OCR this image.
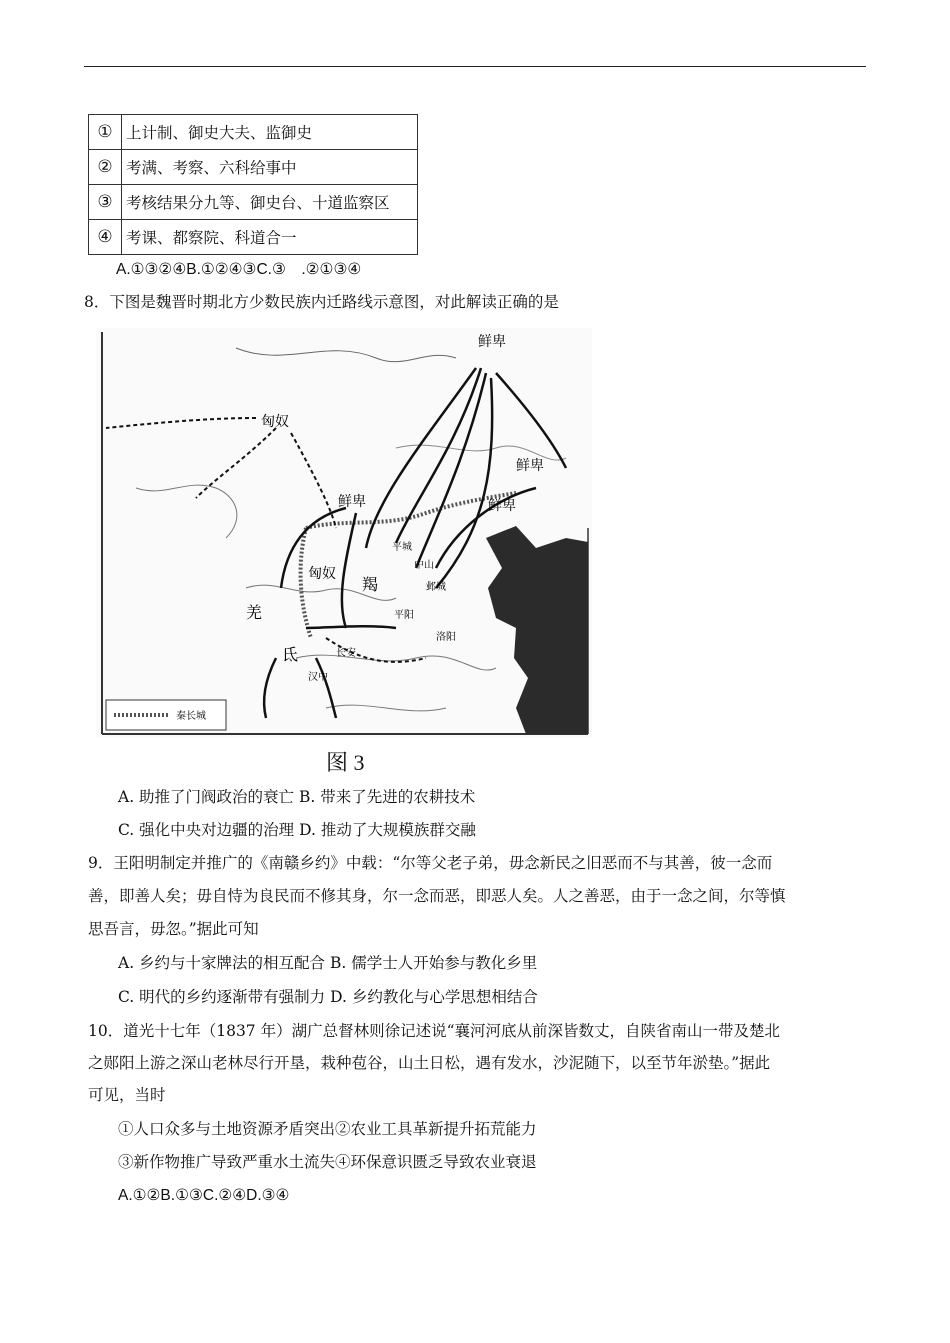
①	上计制、御史大夫、监御史
②	考满、考察、六科给事中
③	考核结果分九等、御史台、十道监察区
④	考课、都察院、科道合一
A.①③②④B.①②④③C.③　.②①③④
8．下图是魏晋时期北方少数民族内迁路线示意图，对此解读正确的是
鲜卑
匈奴
鲜卑
鲜卑
鲜卑
匈奴
羯
羌
氐	长安
洛阳
汉中
平阳
中山
邺城
平城
秦长城
图 3
A. 助推了门阀政治的衰亡 B. 带来了先进的农耕技术
C. 强化中央对边疆的治理 D. 推动了大规模族群交融
9．王阳明制定并推广的《南赣乡约》中载：“尔等父老子弟，毋念新民之旧恶而不与其善，彼一念而
善，即善人矣；毋自恃为良民而不修其身，尔一念而恶，即恶人矣。人之善恶，由于一念之间，尔等慎
思吾言，毋忽。”据此可知
A. 乡约与十家牌法的相互配合 B. 儒学士人开始参与教化乡里
C. 明代的乡约逐渐带有强制力 D. 乡约教化与心学思想相结合
10．道光十七年（1837 年）湖广总督林则徐记述说“襄河河底从前深皆数丈，自陕省南山一带及楚北
之郧阳上游之深山老林尽行开垦，栽种苞谷，山土日松，遇有发水，沙泥随下，以至节年淤垫。”据此
可见，当时
①人口众多与土地资源矛盾突出②农业工具革新提升拓荒能力
③新作物推广导致严重水土流失④环保意识匮乏导致农业衰退
A.①②B.①③C.②④D.③④
